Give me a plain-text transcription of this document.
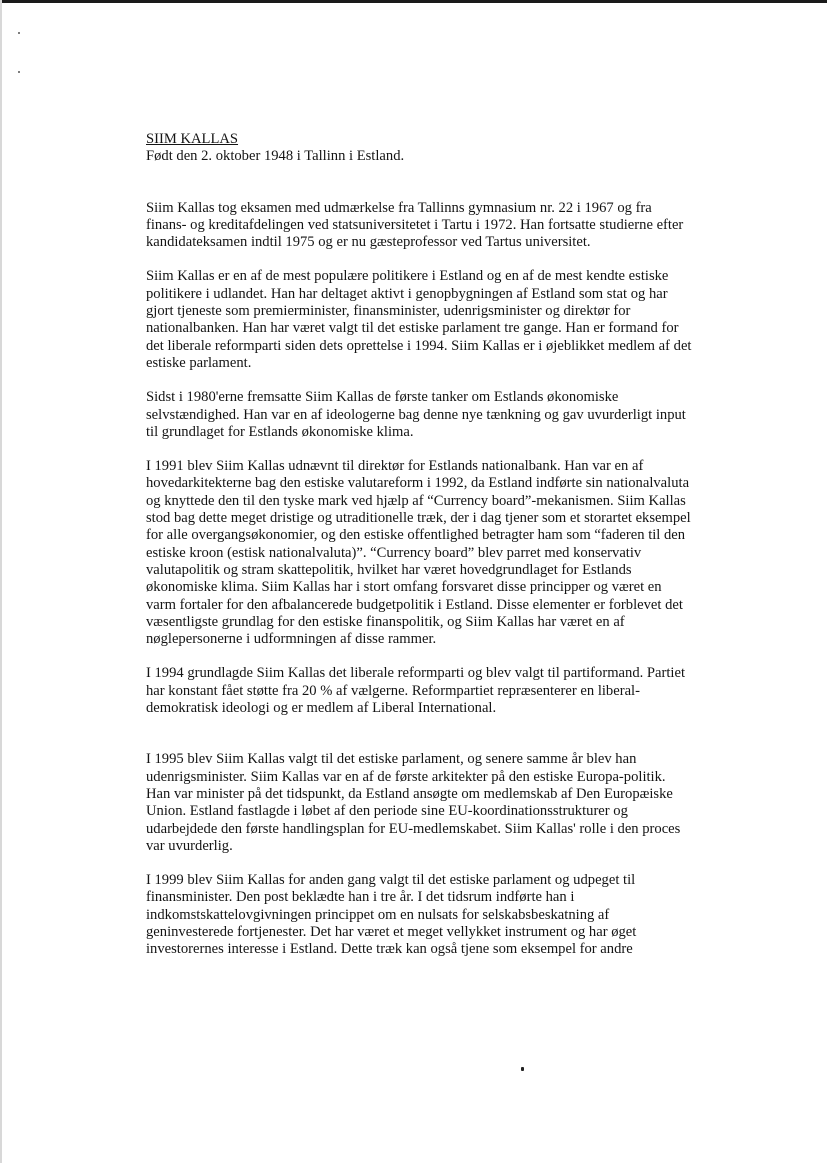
SIIM KALLAS

Født den 2. oktober 1948 i Tallinn i Estland.

Siim Kallas tog eksamen med udmærkelse fra Tallinns gymnasium nr. 22 i 1967 og fra finans- og kreditafdelingen ved statsuniversitetet i Tartu i 1972. Han fortsatte studierne efter kandidateksamen indtil 1975 og er nu gæsteprofessor ved Tartus universitet.

Siim Kallas er en af de mest populære politikere i Estland og en af de mest kendte estiske politikere i udlandet. Han har deltaget aktivt i genopbygningen af Estland som stat og har gjort tjeneste som premierminister, finansminister, udenrigsminister og direktør for nationalbanken. Han har været valgt til det estiske parlament tre gange. Han er formand for det liberale reformparti siden dets oprettelse i 1994. Siim Kallas er i øjeblikket medlem af det estiske parlament.

Sidst i 1980'erne fremsatte Siim Kallas de første tanker om Estlands økonomiske selvstændighed. Han var en af ideologerne bag denne nye tænkning og gav uvurderligt input til grundlaget for Estlands økonomiske klima.

I 1991 blev Siim Kallas udnævnt til direktør for Estlands nationalbank. Han var en af hovedarkitekterne bag den estiske valutareform i 1992, da Estland indførte sin nationalvaluta og knyttede den til den tyske mark ved hjælp af “Currency board”-mekanismen. Siim Kallas stod bag dette meget dristige og utraditionelle træk, der i dag tjener som et storartet eksempel for alle overgangsøkonomier, og den estiske offentlighed betragter ham som “faderen til den estiske kroon (estisk nationalvaluta)”. “Currency board” blev parret med konservativ valutapolitik og stram skattepolitik, hvilket har været hovedgrundlaget for Estlands økonomiske klima. Siim Kallas har i stort omfang forsvaret disse principper og været en varm fortaler for den afbalancerede budgetpolitik i Estland. Disse elementer er forblevet det væsentligste grundlag for den estiske finanspolitik, og Siim Kallas har været en af nøglepersonerne i udformningen af disse rammer.

I 1994 grundlagde Siim Kallas det liberale reformparti og blev valgt til partiformand. Partiet har konstant fået støtte fra 20 % af vælgerne. Reformpartiet repræsenterer en liberal-demokratisk ideologi og er medlem af Liberal International.

I 1995 blev Siim Kallas valgt til det estiske parlament, og senere samme år blev han udenrigsminister. Siim Kallas var en af de første arkitekter på den estiske Europa-politik. Han var minister på det tidspunkt, da Estland ansøgte om medlemskab af Den Europæiske Union. Estland fastlagde i løbet af den periode sine EU-koordinationsstrukturer og udarbejdede den første handlingsplan for EU-medlemskabet. Siim Kallas' rolle i den proces var uvurderlig.

I 1999 blev Siim Kallas for anden gang valgt til det estiske parlament og udpeget til finansminister. Den post beklædte han i tre år. I det tidsrum indførte han i indkomstskattelovgivningen princippet om en nulsats for selskabsbeskatning af geninvesterede fortjenester. Det har været et meget vellykket instrument og har øget investorernes interesse i Estland. Dette træk kan også tjene som eksempel for andre
